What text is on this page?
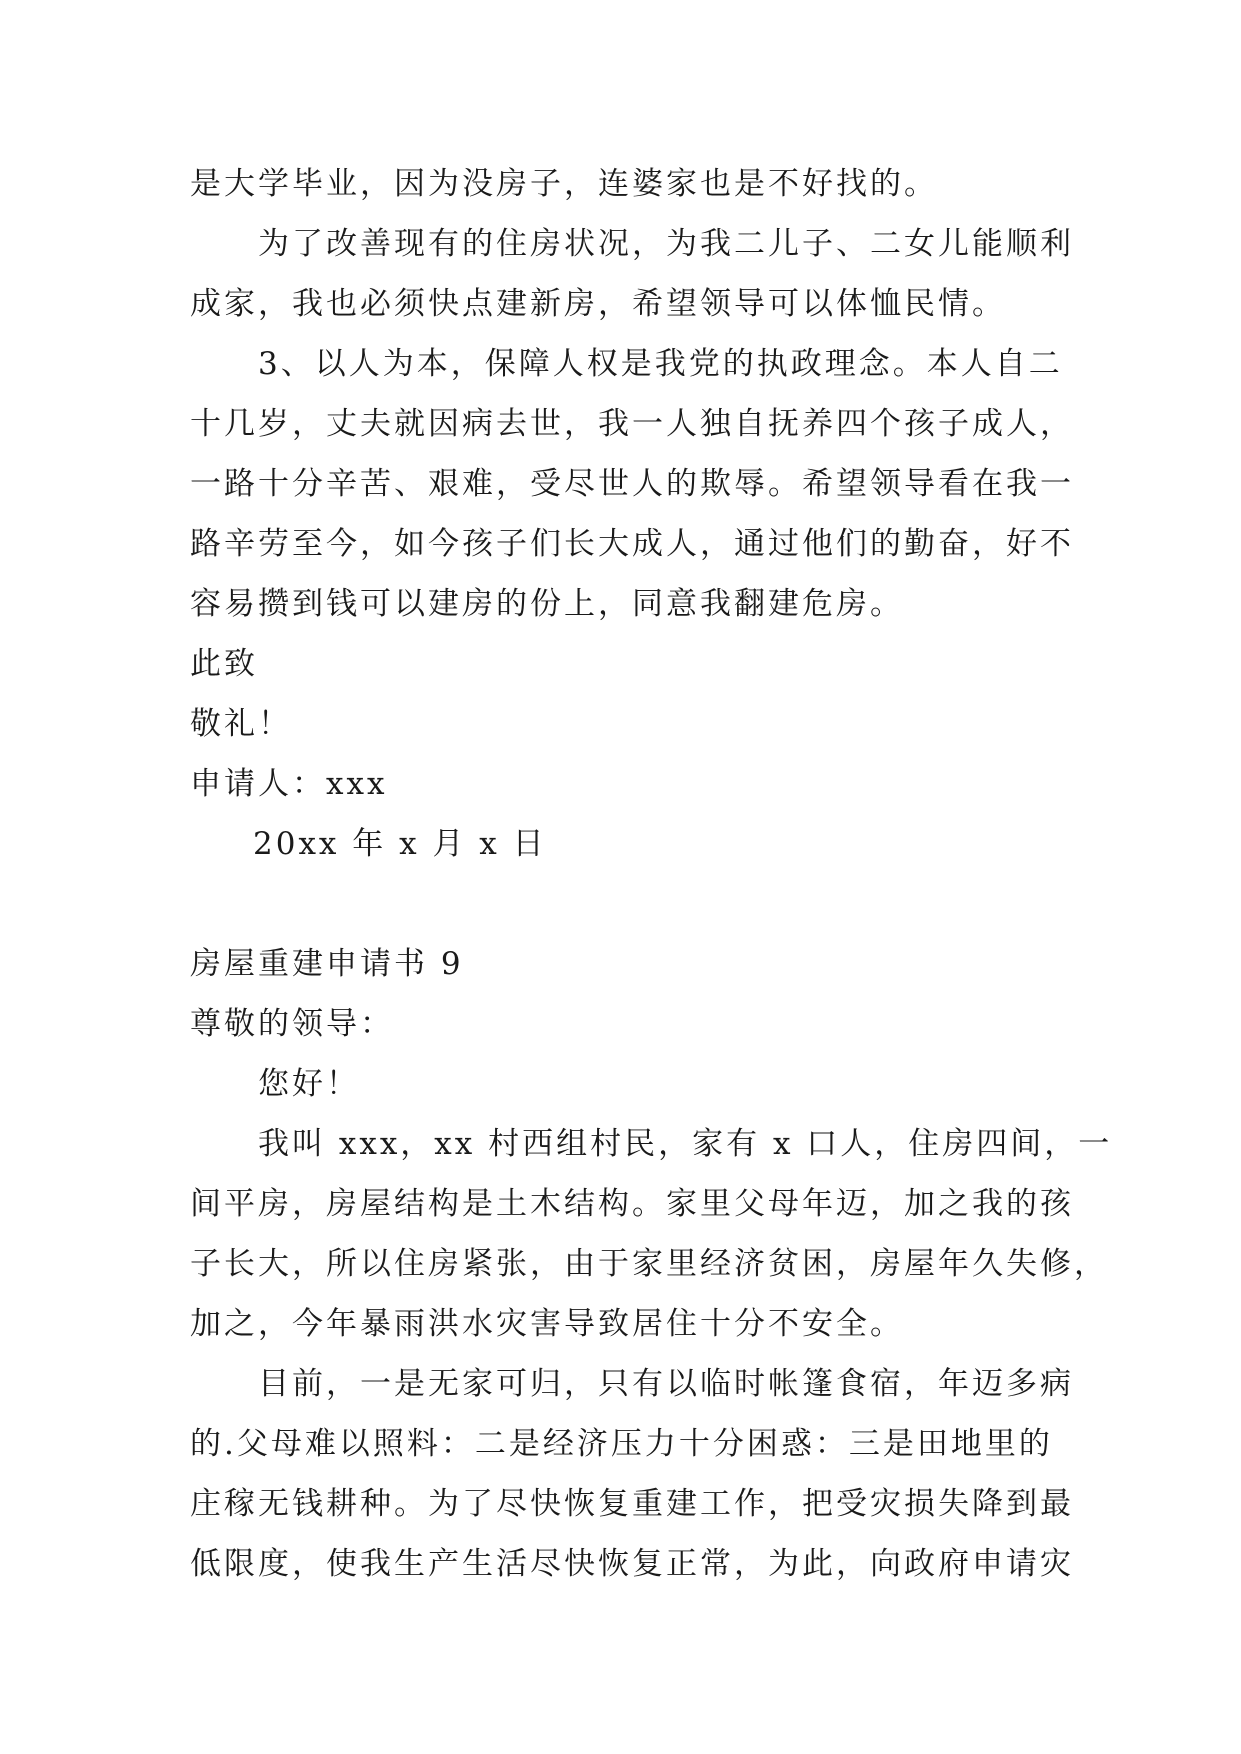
是大学毕业，因为没房子，连婆家也是不好找的。

为了改善现有的住房状况，为我二儿子、二女儿能顺利

成家，我也必须快点建新房，希望领导可以体恤民情。

3、以人为本，保障人权是我党的执政理念。本人自二

十几岁，丈夫就因病去世，我一人独自抚养四个孩子成人，

一路十分辛苦、艰难，受尽世人的欺辱。希望领导看在我一

路辛劳至今，如今孩子们长大成人，通过他们的勤奋，好不

容易攒到钱可以建房的份上，同意我翻建危房。

此致

敬礼！

申请人：xxx

20xx 年 x 月 x 日

房屋重建申请书 9

尊敬的领导：

您好！

我叫 xxx，xx 村西组村民，家有 x 口人，住房四间，一

间平房，房屋结构是土木结构。家里父母年迈，加之我的孩

子长大，所以住房紧张，由于家里经济贫困，房屋年久失修，

加之，今年暴雨洪水灾害导致居住十分不安全。

目前，一是无家可归，只有以临时帐篷食宿，年迈多病

的.父母难以照料：二是经济压力十分困惑：三是田地里的

庄稼无钱耕种。为了尽快恢复重建工作，把受灾损失降到最

低限度，使我生产生活尽快恢复正常，为此，向政府申请灾
